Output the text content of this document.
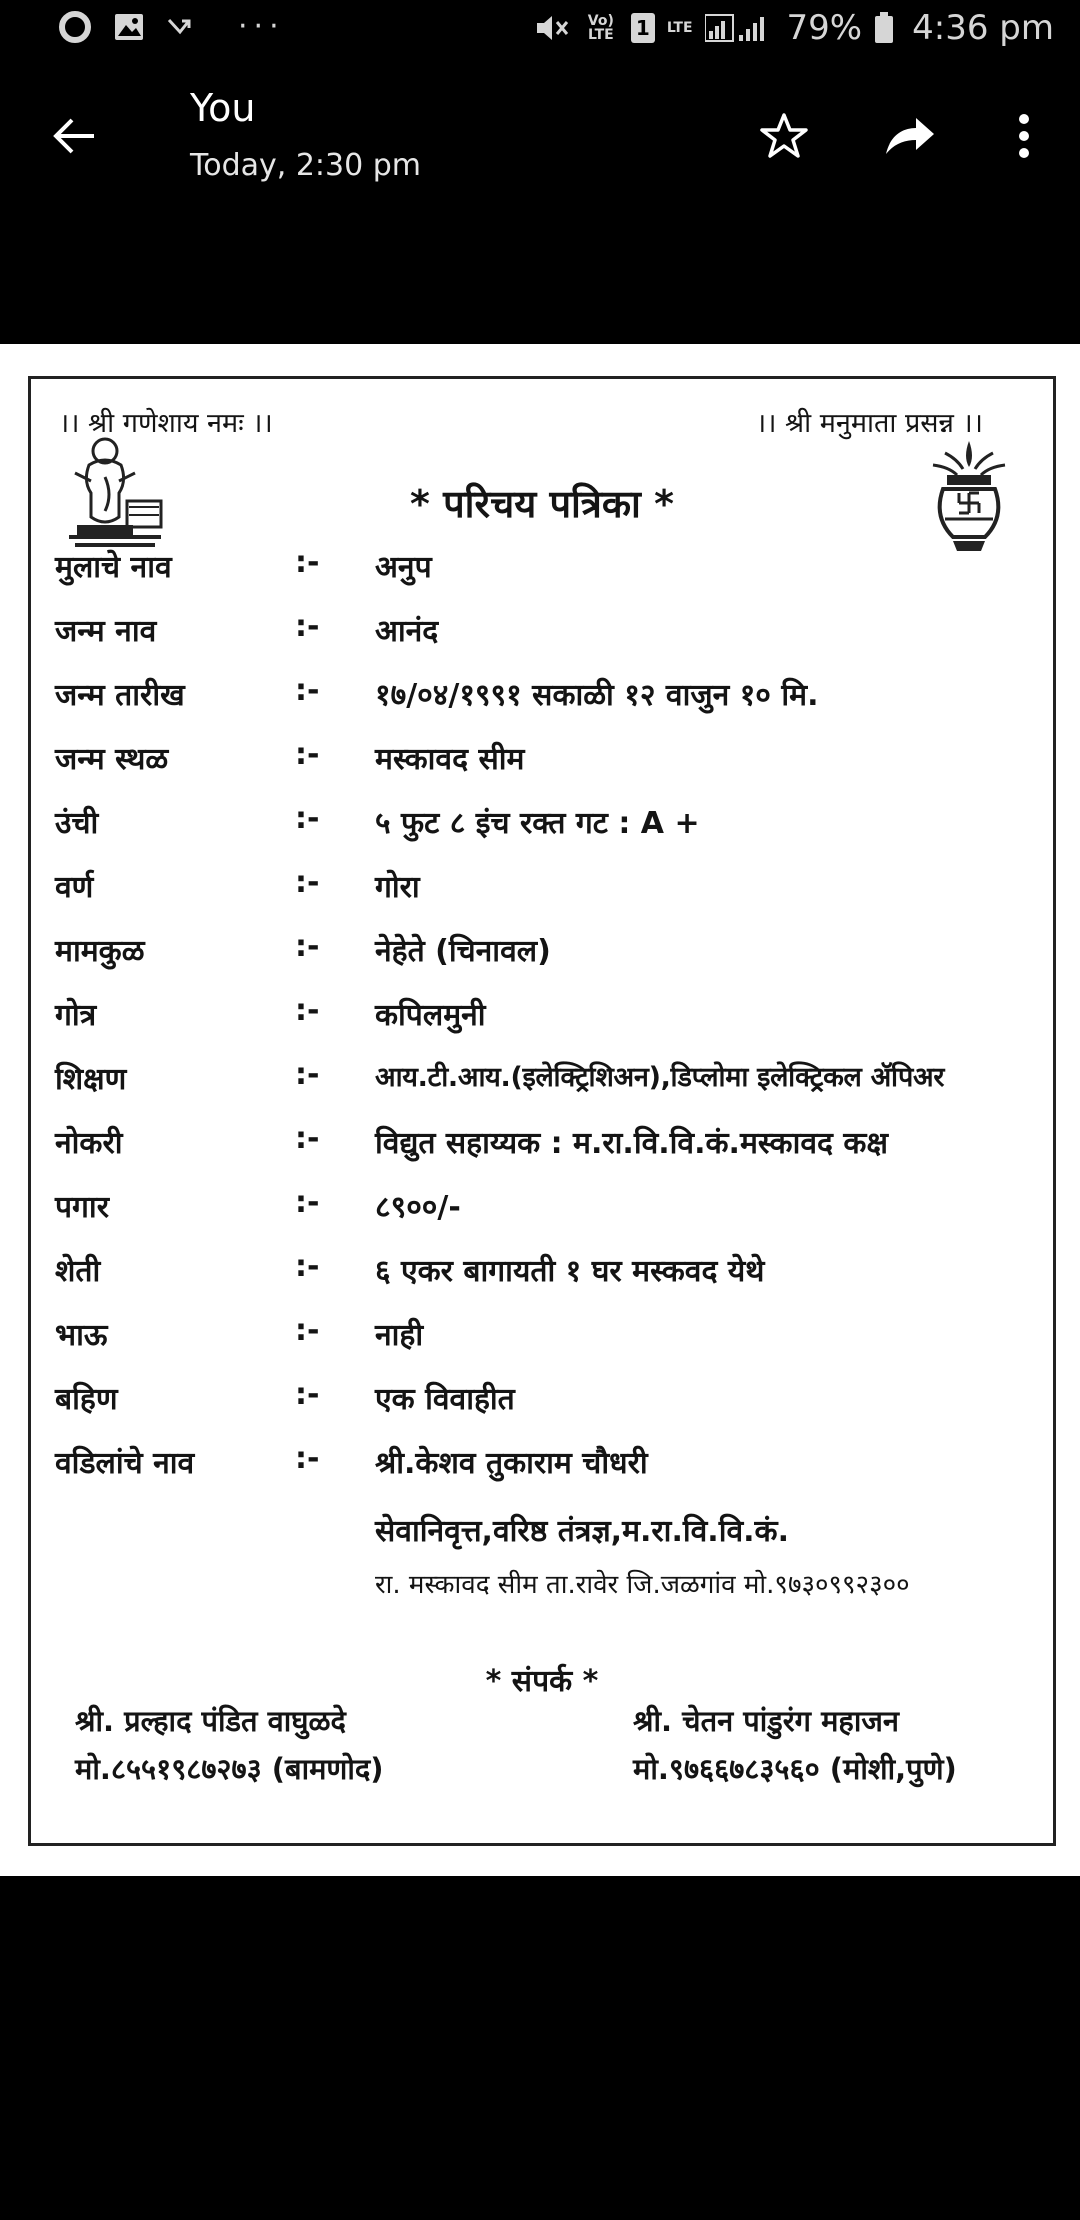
···	Vo) LTE 1	LTE	79% 4:36 pm
You
Today, 2:30 pm
।। श्री गणेशाय नमः ।।	।। श्री मनुमाता प्रसन्न ।।
* परिचय पत्रिका *
मुलाचे नाव	:- अनुप
जन्म नाव	:- आनंद
जन्म तारीख	:- १७/०४/१९९१ सकाळी १२ वाजुन १० मि.
जन्म स्थळ	:- मस्कावद सीम
उंची	:- ५ फुट ८ इंच रक्त गट : A +
वर्ण	:- गोरा
मामकुळ	:- नेहेते (चिनावल)
गोत्र	:- कपिलमुनी
शिक्षण	:- आय.टी.आय.(इलेक्ट्रिशिअन),डिप्लोमा इलेक्ट्रिकल ॲपिअर
नोकरी	:- विद्युत सहाय्यक : म.रा.वि.वि.कं.मस्कावद कक्ष
पगार	:- ८९००/-
शेती	:- ६ एकर बागायती १ घर मस्कवद येथे
भाऊ	:- नाही
बहिण	:- एक विवाहीत
वडिलांचे नाव	:- श्री.केशव तुकाराम चौधरी
सेवानिवृत्त,वरिष्ठ तंत्रज्ञ,म.रा.वि.वि.कं.
रा. मस्कावद सीम ता.रावेर जि.जळगांव मो.९७३०९९२३००
* संपर्क *
श्री. प्रल्हाद पंडित वाघुळदे
मो.८५५१९८७२७३ (बामणोद)
श्री. चेतन पांडुरंग महाजन
मो.९७६६७८३५६० (मोशी,पुणे)
